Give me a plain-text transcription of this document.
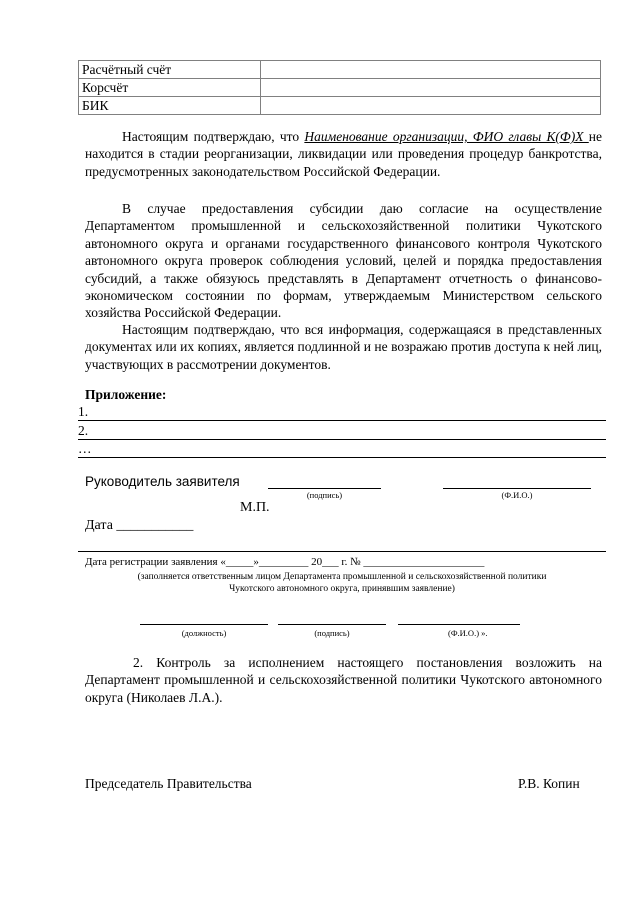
Расчётный счёт	
Корсчёт	
БИК	

Настоящим подтверждаю, что Наименование организации, ФИО главы К(Ф)Х не находится в стадии реорганизации, ликвидации или проведения процедур банкротства, предусмотренных законодательством Российской Федерации.

В случае предоставления субсидии даю согласие на осуществление Департаментом промышленной и сельскохозяйственной политики Чукотского автономного округа и органами государственного финансового контроля Чукотского автономного округа проверок соблюдения условий, целей и порядка предоставления субсидий, а также обязуюсь представлять в Департамент отчетность о финансово-экономическом состоянии по формам, утверждаемым Министерством сельского хозяйства Российской Федерации.

Настоящим подтверждаю, что вся информация, содержащаяся в представленных документах или их копиях, является подлинной и не возражаю против доступа к ней лиц, участвующих в рассмотрении документов.

Приложение:
1.
2.
…
Руководитель заявителя
(подпись)	(Ф.И.О.)
М.П.
Дата ___________
Дата регистрации заявления «_____»_________ 20___ г. № ______________________
(заполняется ответственным лицом Департамента промышленной и сельскохозяйственной политики
Чукотского автономного округа, принявшим заявление)
(должность)	(подпись)	(Ф.И.О.) ».

2. Контроль за исполнением настоящего постановления возложить на Департамент промышленной и сельскохозяйственной политики Чукотского автономного округа (Николаев Л.А.).

Председатель Правительства	Р.В. Копин
